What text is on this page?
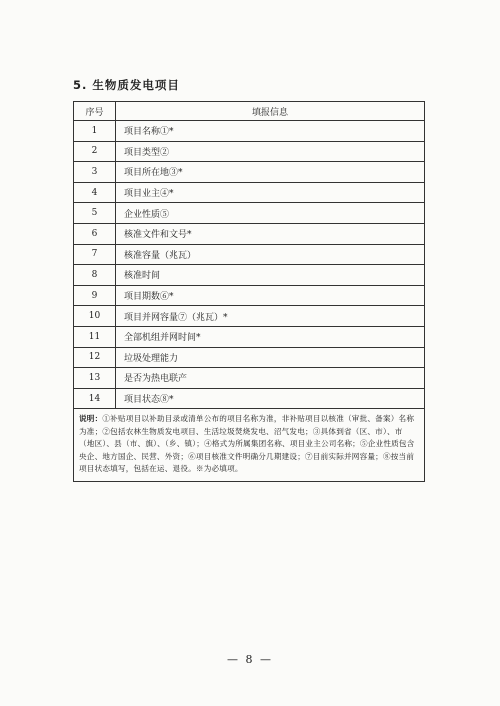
5. 生物质发电项目
序号	填报信息
1	项目名称①*
2	项目类型②
3	项目所在地③*
4	项目业主④*
5	企业性质⑤
6	核准文件和文号*
7	核准容量（兆瓦）
8	核准时间
9	项目期数⑥*
10	项目并网容量⑦（兆瓦）*
11	全部机组并网时间*
12	垃圾处理能力
13	是否为热电联产
14	项目状态⑧*
说明：①补贴项目以补助目录或清单公布的项目名称为准，非补贴项目以核准（审批、备案）名称为准；②包括农林生物质发电项目、生活垃圾焚烧发电、沼气发电；③具体到省（区、市）、市（地区）、县（市、旗）、（乡、镇）；④格式为所属集团名称、项目业主公司名称；⑤企业性质包含央企、地方国企、民营、外资；⑥项目核准文件明确分几期建设；⑦目前实际并网容量；⑧按当前项目状态填写，包括在运、退役。※为必填项。	
— 8 —
